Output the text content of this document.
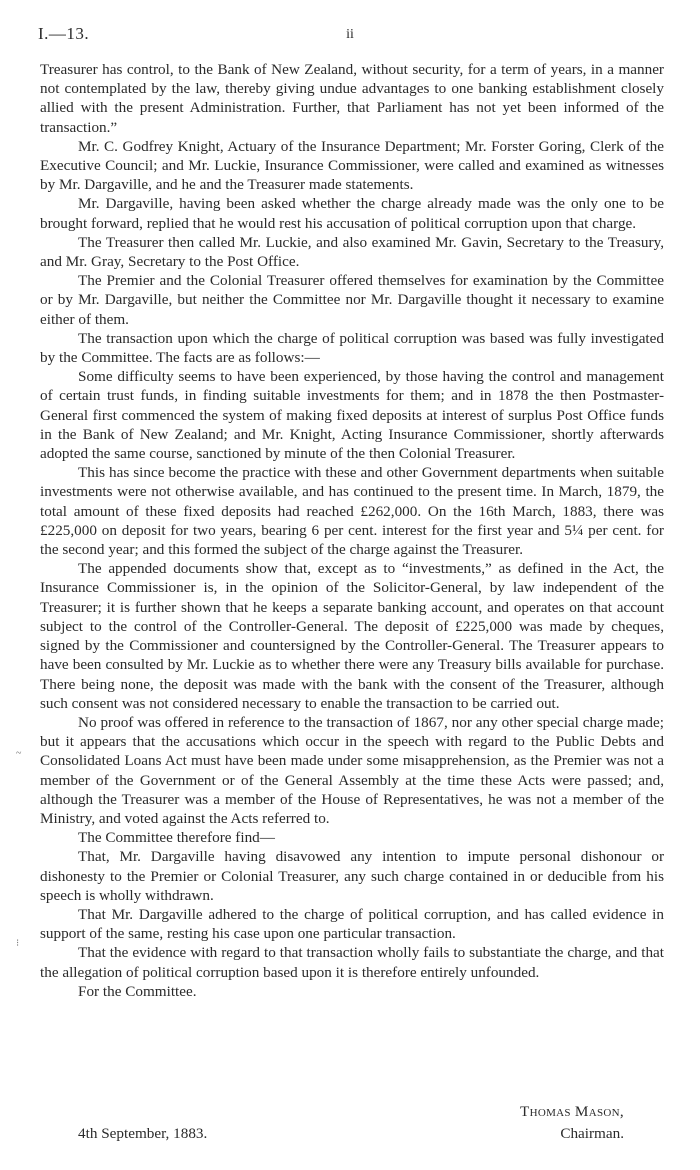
I.—13.	ii
~
⁝

Treasurer has control, to the Bank of New Zealand, without security, for a term of years, in a manner not contemplated by the law, thereby giving undue advantages to one banking establishment closely allied with the present Administration. Further, that Parliament has not yet been informed of the transaction.”

Mr. C. Godfrey Knight, Actuary of the Insurance Department; Mr. Forster Goring, Clerk of the Executive Council; and Mr. Luckie, Insurance Commissioner, were called and examined as witnesses by Mr. Dargaville, and he and the Treasurer made statements.

Mr. Dargaville, having been asked whether the charge already made was the only one to be brought forward, replied that he would rest his accusation of political corruption upon that charge.

The Treasurer then called Mr. Luckie, and also examined Mr. Gavin, Secretary to the Treasury, and Mr. Gray, Secretary to the Post Office.

The Premier and the Colonial Treasurer offered themselves for examination by the Committee or by Mr. Dargaville, but neither the Committee nor Mr. Dargaville thought it necessary to examine either of them.

The transaction upon which the charge of political corruption was based was fully investigated by the Committee. The facts are as follows:—

Some difficulty seems to have been experienced, by those having the control and management of certain trust funds, in finding suitable investments for them; and in 1878 the then Postmaster-General first commenced the system of making fixed deposits at interest of surplus Post Office funds in the Bank of New Zealand; and Mr. Knight, Acting Insurance Commissioner, shortly afterwards adopted the same course, sanctioned by minute of the then Colonial Treasurer.

This has since become the practice with these and other Government departments when suitable investments were not otherwise available, and has continued to the present time. In March, 1879, the total amount of these fixed deposits had reached £262,000. On the 16th March, 1883, there was £225,000 on deposit for two years, bearing 6 per cent. interest for the first year and 5¼ per cent. for the second year; and this formed the subject of the charge against the Treasurer.

The appended documents show that, except as to “investments,” as defined in the Act, the Insurance Commissioner is, in the opinion of the Solicitor-General, by law independent of the Treasurer; it is further shown that he keeps a separate banking account, and operates on that account subject to the control of the Controller-General. The deposit of £225,000 was made by cheques, signed by the Commissioner and countersigned by the Controller-General. The Treasurer appears to have been consulted by Mr. Luckie as to whether there were any Treasury bills available for purchase. There being none, the deposit was made with the bank with the consent of the Treasurer, although such consent was not considered necessary to enable the transaction to be carried out.

No proof was offered in reference to the transaction of 1867, nor any other special charge made; but it appears that the accusations which occur in the speech with regard to the Public Debts and Consolidated Loans Act must have been made under some misapprehension, as the Premier was not a member of the Government or of the General Assembly at the time these Acts were passed; and, although the Treasurer was a member of the House of Representatives, he was not a member of the Ministry, and voted against the Acts referred to.

The Committee therefore find—

That, Mr. Dargaville having disavowed any intention to impute personal dishonour or dishonesty to the Premier or Colonial Treasurer, any such charge contained in or deducible from his speech is wholly withdrawn.

That Mr. Dargaville adhered to the charge of political corruption, and has called evidence in support of the same, resting his case upon one particular transaction.

That the evidence with regard to that transaction wholly fails to substantiate the charge, and that the allegation of political corruption based upon it is therefore entirely unfounded.

For the Committee.

Thomas Mason,
4th September, 1883.	Chairman.
